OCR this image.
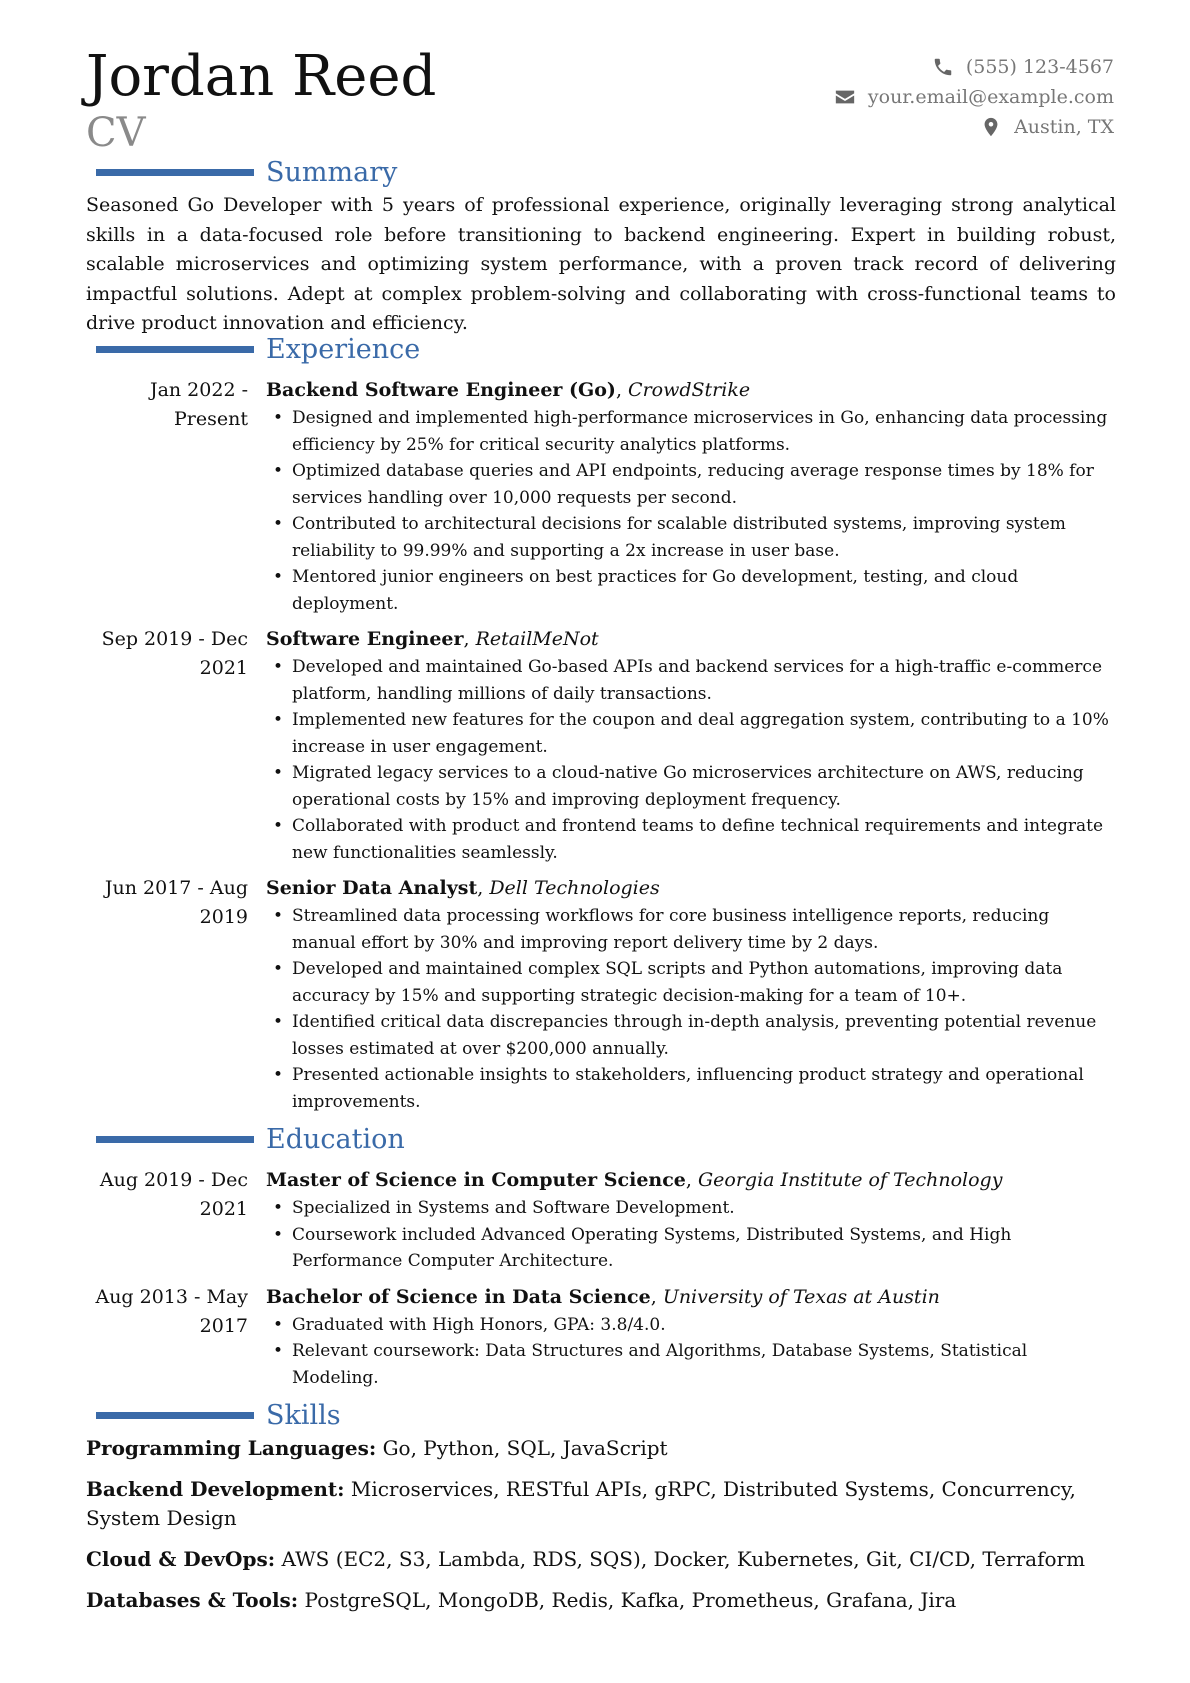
Jordan Reed
CV
(555) 123-4567
your.email@example.com
Austin, TX
Summary

Seasoned Go Developer with 5 years of professional experience, originally leveraging strong analytical skills in a data-focused role before transitioning to backend engineering. Expert in building robust, scalable microservices and optimizing system performance, with a proven track record of delivering impactful solutions. Adept at complex problem-solving and collaborating with cross-functional teams to drive product innovation and efficiency.

Experience
Jan 2022 - Present
Backend Software Engineer (Go), CrowdStrike
• Designed and implemented high-performance microservices in Go, enhancing data processing efficiency by 25% for critical security analytics platforms.
• Optimized database queries and API endpoints, reducing average response times by 18% for services handling over 10,000 requests per second.
• Contributed to architectural decisions for scalable distributed systems, improving system reliability to 99.99% and supporting a 2x increase in user base.
• Mentored junior engineers on best practices for Go development, testing, and cloud deployment.
Sep 2019 - Dec 2021
Software Engineer, RetailMeNot
• Developed and maintained Go-based APIs and backend services for a high-traffic e-commerce platform, handling millions of daily transactions.
• Implemented new features for the coupon and deal aggregation system, contributing to a 10% increase in user engagement.
• Migrated legacy services to a cloud-native Go microservices architecture on AWS, reducing operational costs by 15% and improving deployment frequency.
• Collaborated with product and frontend teams to define technical requirements and integrate new functionalities seamlessly.
Jun 2017 - Aug 2019
Senior Data Analyst, Dell Technologies
• Streamlined data processing workflows for core business intelligence reports, reducing manual effort by 30% and improving report delivery time by 2 days.
• Developed and maintained complex SQL scripts and Python automations, improving data accuracy by 15% and supporting strategic decision-making for a team of 10+.
• Identified critical data discrepancies through in-depth analysis, preventing potential revenue losses estimated at over $200,000 annually.
• Presented actionable insights to stakeholders, influencing product strategy and operational improvements.
Education
Aug 2019 - Dec 2021
Master of Science in Computer Science, Georgia Institute of Technology
• Specialized in Systems and Software Development.
• Coursework included Advanced Operating Systems, Distributed Systems, and High Performance Computer Architecture.
Aug 2013 - May 2017
Bachelor of Science in Data Science, University of Texas at Austin
• Graduated with High Honors, GPA: 3.8/4.0.
• Relevant coursework: Data Structures and Algorithms, Database Systems, Statistical Modeling.
Skills
Programming Languages: Go, Python, SQL, JavaScript
Backend Development: Microservices, RESTful APIs, gRPC, Distributed Systems, Concurrency, System Design
Cloud & DevOps: AWS (EC2, S3, Lambda, RDS, SQS), Docker, Kubernetes, Git, CI/CD, Terraform
Databases & Tools: PostgreSQL, MongoDB, Redis, Kafka, Prometheus, Grafana, Jira
